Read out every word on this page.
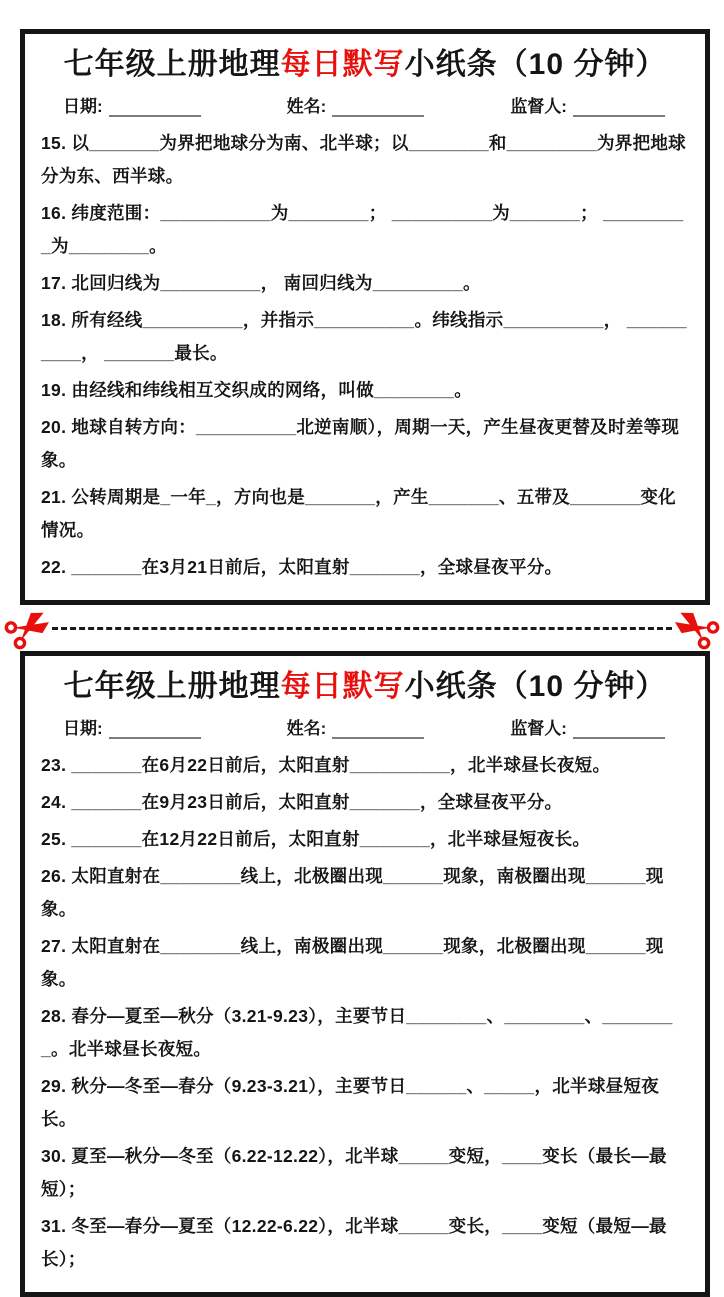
七年级上册地理每日默写小纸条（10 分钟）
日期:	姓名:	监督人:
15. 以_______为界把地球分为南、北半球；以________和_________为界把地球分为东、西半球。
16. 纬度范围：___________为________； __________为_______； _________为________。
17. 北回归线为__________， 南回归线为_________。
18. 所有经线__________，并指示__________。纬线指示__________， __________， _______最长。
19. 由经线和纬线相互交织成的网络，叫做________。
20. 地球自转方向：__________北逆南顺），周期一天，产生昼夜更替及时差等现象。
21. 公转周期是_一年_，方向也是_______，产生_______、五带及_______变化情况。
22. _______在3月21日前后，太阳直射_______，全球昼夜平分。
七年级上册地理每日默写小纸条（10 分钟）
日期:	姓名:	监督人:
23. _______在6月22日前后，太阳直射__________，北半球昼长夜短。
24. _______在9月23日前后，太阳直射_______，全球昼夜平分。
25. _______在12月22日前后，太阳直射_______，北半球昼短夜长。
26. 太阳直射在________线上，北极圈出现______现象，南极圈出现______现象。
27. 太阳直射在________线上，南极圈出现______现象，北极圈出现______现象。
28. 春分—夏至—秋分（3.21-9.23），主要节日________、________、________。北半球昼长夜短。
29. 秋分—冬至—春分（9.23-3.21），主要节日______、_____，北半球昼短夜长。
30. 夏至—秋分—冬至（6.22-12.22），北半球_____变短，____变长（最长—最短）；
31. 冬至—春分—夏至（12.22-6.22），北半球_____变长，____变短（最短—最长）；
